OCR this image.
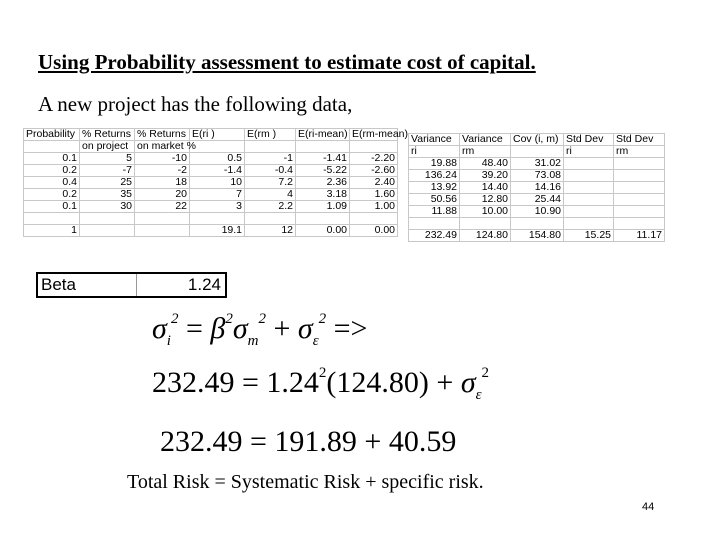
Using Probability assessment to estimate cost of capital.
A new project has the following data,
Probability	% Returns	% Returns	E(ri )	E(rm )	E(ri-mean)	E(rm-mean)
	on project	on market %				
0.1	5	-10	0.5	-1	-1.41	-2.20
0.2	-7	-2	-1.4	-0.4	-5.22	-2.60
0.4	25	18	10	7.2	2.36	2.40
0.2	35	20	7	4	3.18	1.60
0.1	30	22	3	2.2	1.09	1.00

1			19.1	12	0.00	0.00
Variance	Variance	Cov (i, m)	Std Dev	Std Dev
ri	rm		ri	rm
19.88	48.40	31.02		
136.24	39.20	73.08		
13.92	14.40	14.16		
50.56	12.80	25.44		
11.88	10.00	10.90		

232.49	124.80	154.80	15.25	11.17
Beta	1.24
$\sigma_i^2 = \beta^2\sigma_m^2 + \sigma_\varepsilon^2$ =>
$232.49 = 1.24^2(124.80) + \sigma_\varepsilon^2$
232.49 = 191.89 + 40.59
Total Risk = Systematic Risk + specific risk.
44
